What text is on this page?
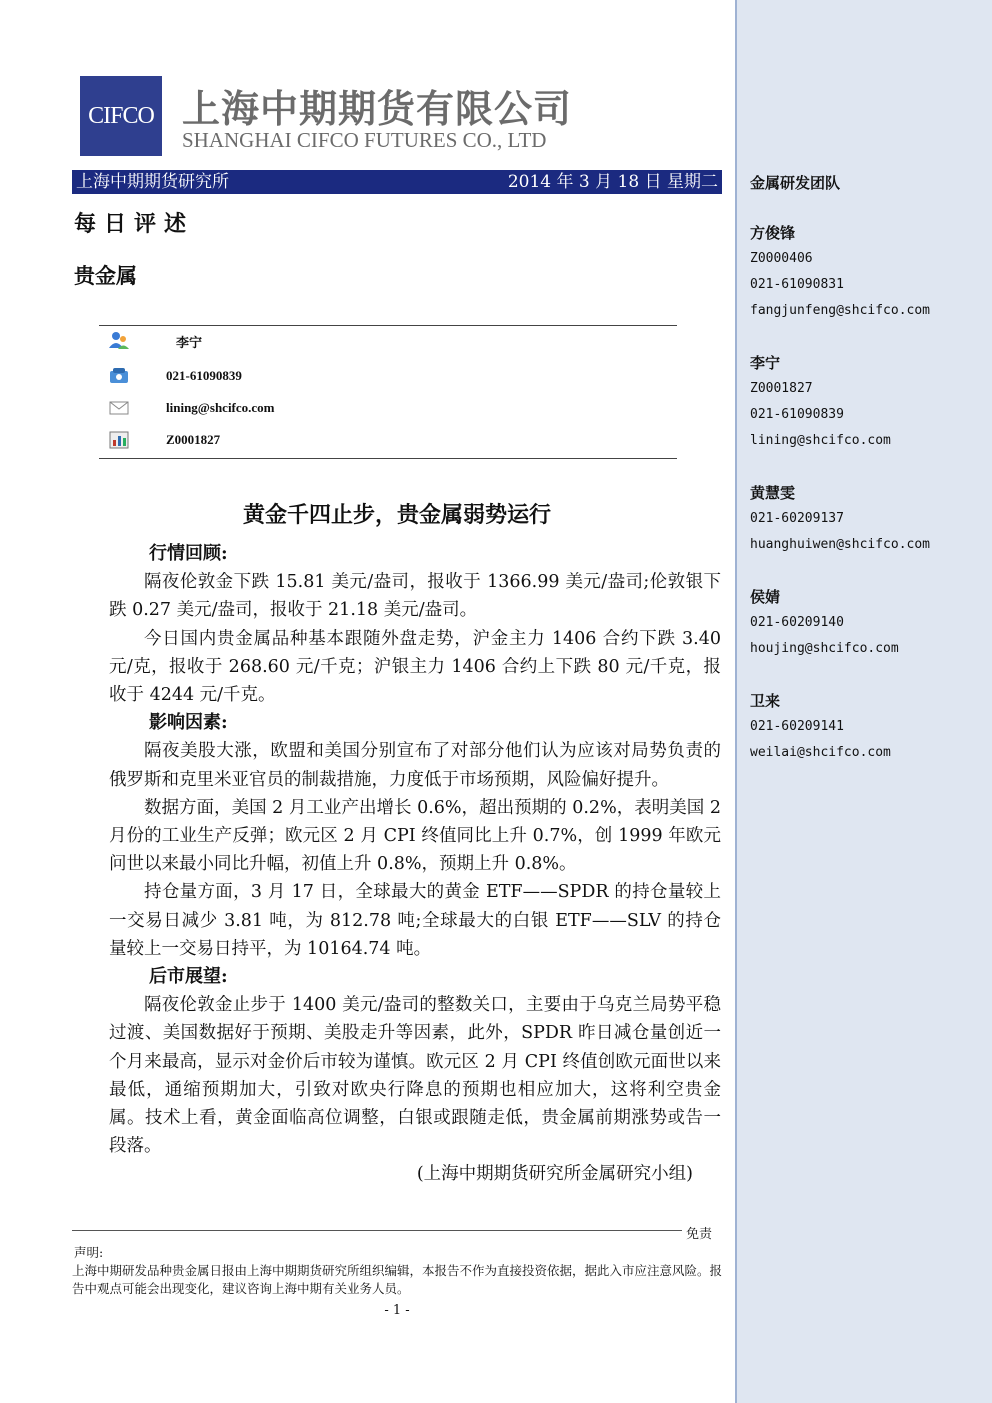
金属研发团队
方俊锋
Z0000406
021-61090831
fangjunfeng@shcifco.com
李宁
Z0001827
021-61090839
lining@shcifco.com
黄慧雯
021-60209137
huanghuiwen@shcifco.com
侯婧
021-60209140
houjing@shcifco.com
卫来
021-60209141
weilai@shcifco.com
CIFCO 上海中期期货有限公司
SHANGHAI CIFCO FUTURES CO., LTD
上海中期期货研究所	2014 年 3 月 18 日 星期二
每日评述
贵金属
李宁
021-61090839
lining@shcifco.com
Z0001827
黄金千四止步，贵金属弱势运行

行情回顾:

隔夜伦敦金下跌 15.81 美元/盎司，报收于 1366.99 美元/盎司;伦敦银下跌 0.27 美元/盎司，报收于 21.18 美元/盎司。

今日国内贵金属品种基本跟随外盘走势，沪金主力 1406 合约下跌 3.40 元/克，报收于 268.60 元/千克；沪银主力 1406 合约上下跌 80 元/千克，报收于 4244 元/千克。

影响因素:

隔夜美股大涨，欧盟和美国分别宣布了对部分他们认为应该对局势负责的俄罗斯和克里米亚官员的制裁措施，力度低于市场预期，风险偏好提升。

数据方面，美国 2 月工业产出增长 0.6%，超出预期的 0.2%，表明美国 2 月份的工业生产反弹；欧元区 2 月 CPI 终值同比上升 0.7%，创 1999 年欧元问世以来最小同比升幅，初值上升 0.8%，预期上升 0.8%。

持仓量方面，3 月 17 日，全球最大的黄金 ETF——SPDR 的持仓量较上一交易日减少 3.81 吨，为 812.78 吨;全球最大的白银 ETF——SLV 的持仓量较上一交易日持平，为 10164.74 吨。

后市展望:

隔夜伦敦金止步于 1400 美元/盎司的整数关口，主要由于乌克兰局势平稳过渡、美国数据好于预期、美股走升等因素，此外，SPDR 昨日减仓量创近一个月来最高，显示对金价后市较为谨慎。欧元区 2 月 CPI 终值创欧元面世以来最低，通缩预期加大，引致对欧央行降息的预期也相应加大，这将利空贵金属。技术上看，黄金面临高位调整，白银或跟随走低，贵金属前期涨势或告一段落。

(上海中期期货研究所金属研究小组)

免责
声明:
上海中期研发品种贵金属日报由上海中期期货研究所组织编辑，本报告不作为直接投资依据，据此入市应注意风险。报告中观点可能会出现变化，建议咨询上海中期有关业务人员。
- 1 -
